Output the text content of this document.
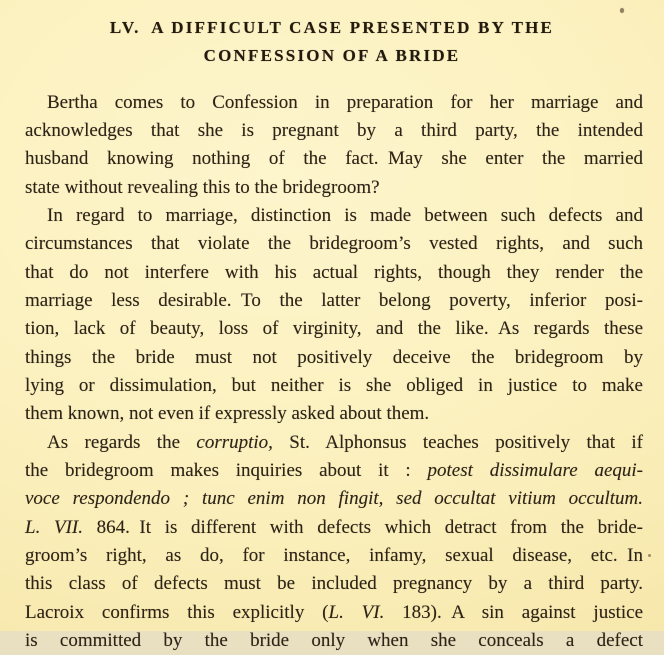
LV. A DIFFICULT CASE PRESENTED BY THE
CONFESSION OF A BRIDE
Bertha comes to Confession in preparation for her marriage and
acknowledges that she is pregnant by a third party, the intended
husband knowing nothing of the fact. May she enter the married
state without revealing this to the bridegroom?
In regard to marriage, distinction is made between such defects and
circumstances that violate the bridegroom’s vested rights, and such
that do not interfere with his actual rights, though they render the
marriage less desirable. To the latter belong poverty, inferior posi-
tion, lack of beauty, loss of virginity, and the like. As regards these
things the bride must not positively deceive the bridegroom by
lying or dissimulation, but neither is she obliged in justice to make
them known, not even if expressly asked about them.
As regards the corruptio, St. Alphonsus teaches positively that if
the bridegroom makes inquiries about it : potest dissimulare aequi-
voce respondendo ; tunc enim non fingit, sed occultat vitium occultum.
L. VII. 864. It is different with defects which detract from the bride-
groom’s right, as do, for instance, infamy, sexual disease, etc. In
this class of defects must be included pregnancy by a third party.
Lacroix confirms this explicitly (L. VI. 183). A sin against justice
is committed by the bride only when she conceals a defect
